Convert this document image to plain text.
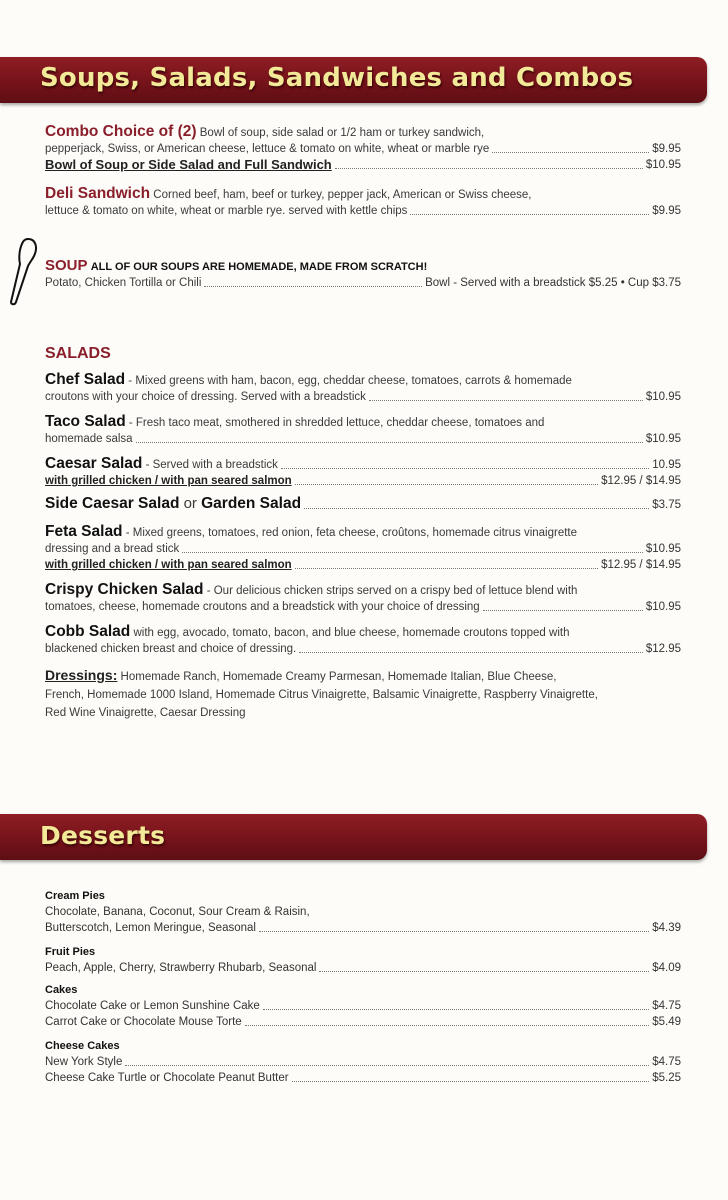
Soups, Salads, Sandwiches and Combos
Combo Choice of (2) Bowl of soup, side salad or 1/2 ham or turkey sandwich,
pepperjack, Swiss, or American cheese, lettuce & tomato on white, wheat or marble rye	$9.95
Bowl of Soup or Side Salad and Full Sandwich	$10.95
Deli Sandwich Corned beef, ham, beef or turkey, pepper jack, American or Swiss cheese,
lettuce & tomato on white, wheat or marble rye. served with kettle chips	$9.95
SOUP ALL OF OUR SOUPS ARE HOMEMADE, MADE FROM SCRATCH!
Potato, Chicken Tortilla or Chili	Bowl - Served with a breadstick $5.25 • Cup $3.75
SALADS
Chef Salad - Mixed greens with ham, bacon, egg, cheddar cheese, tomatoes, carrots & homemade
croutons with your choice of dressing. Served with a breadstick	$10.95
Taco Salad - Fresh taco meat, smothered in shredded lettuce, cheddar cheese, tomatoes and
homemade salsa	$10.95
Caesar Salad - Served with a breadstick	10.95
with grilled chicken / with pan seared salmon	$12.95 / $14.95
Side Caesar Salad or Garden Salad	$3.75
Feta Salad - Mixed greens, tomatoes, red onion, feta cheese, croûtons, homemade citrus vinaigrette
dressing and a bread stick	$10.95
with grilled chicken / with pan seared salmon	$12.95 / $14.95
Crispy Chicken Salad - Our delicious chicken strips served on a crispy bed of lettuce blend with
tomatoes, cheese, homemade croutons and a breadstick with your choice of dressing	$10.95
Cobb Salad with egg, avocado, tomato, bacon, and blue cheese, homemade croutons topped with
blackened chicken breast and choice of dressing.	$12.95
Dressings: Homemade Ranch, Homemade Creamy Parmesan, Homemade Italian, Blue Cheese,
French, Homemade 1000 Island, Homemade Citrus Vinaigrette, Balsamic Vinaigrette, Raspberry Vinaigrette,
Red Wine Vinaigrette, Caesar Dressing
Desserts
Cream Pies
Chocolate, Banana, Coconut, Sour Cream & Raisin,
Butterscotch, Lemon Meringue, Seasonal	$4.39
Fruit Pies
Peach, Apple, Cherry, Strawberry Rhubarb, Seasonal	$4.09
Cakes
Chocolate Cake or Lemon Sunshine Cake	$4.75
Carrot Cake or Chocolate Mouse Torte	$5.49
Cheese Cakes
New York Style	$4.75
Cheese Cake Turtle or Chocolate Peanut Butter	$5.25
